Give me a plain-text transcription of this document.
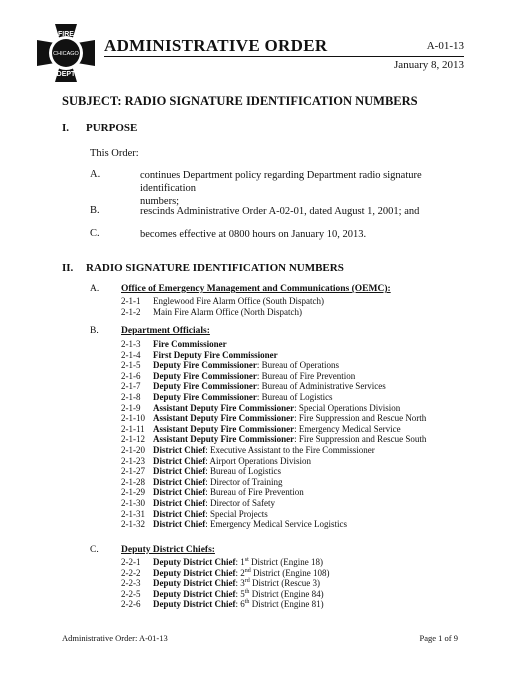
FIRE
CHICAGO
DEPT
ADMINISTRATIVE ORDER	A-01-13
January 8, 2013
SUBJECT: RADIO SIGNATURE IDENTIFICATION NUMBERS
I. PURPOSE
This Order:
A.	continues Department policy regarding Department radio signature identification
numbers;
B.	rescinds Administrative Order A-02-01, dated August 1, 2001; and
C.	becomes effective at 0800 hours on January 10, 2013.
II. RADIO SIGNATURE IDENTIFICATION NUMBERS
A. Office of Emergency Management and Communications (OEMC):
2-1-1 Englewood Fire Alarm Office (South Dispatch)
2-1-2 Main Fire Alarm Office (North Dispatch)
B. Department Officials:
2-1-3 Fire Commissioner
2-1-4 First Deputy Fire Commissioner
2-1-5 Deputy Fire Commissioner: Bureau of Operations
2-1-6 Deputy Fire Commissioner: Bureau of Fire Prevention
2-1-7 Deputy Fire Commissioner: Bureau of Administrative Services
2-1-8 Deputy Fire Commissioner: Bureau of Logistics
2-1-9 Assistant Deputy Fire Commissioner: Special Operations Division
2-1-10 Assistant Deputy Fire Commissioner: Fire Suppression and Rescue North
2-1-11 Assistant Deputy Fire Commissioner: Emergency Medical Service
2-1-12 Assistant Deputy Fire Commissioner: Fire Suppression and Rescue South
2-1-20 District Chief: Executive Assistant to the Fire Commissioner
2-1-23 District Chief: Airport Operations Division
2-1-27 District Chief: Bureau of Logistics
2-1-28 District Chief: Director of Training
2-1-29 District Chief: Bureau of Fire Prevention
2-1-30 District Chief: Director of Safety
2-1-31 District Chief: Special Projects
2-1-32 District Chief: Emergency Medical Service Logistics
C. Deputy District Chiefs:
2-2-1 Deputy District Chief: 1st District (Engine 18)
2-2-2 Deputy District Chief: 2nd District (Engine 108)
2-2-3 Deputy District Chief: 3rd District (Rescue 3)
2-2-5 Deputy District Chief: 5th District (Engine 84)
2-2-6 Deputy District Chief: 6th District (Engine 81)
Administrative Order: A-01-13	Page 1 of 9
